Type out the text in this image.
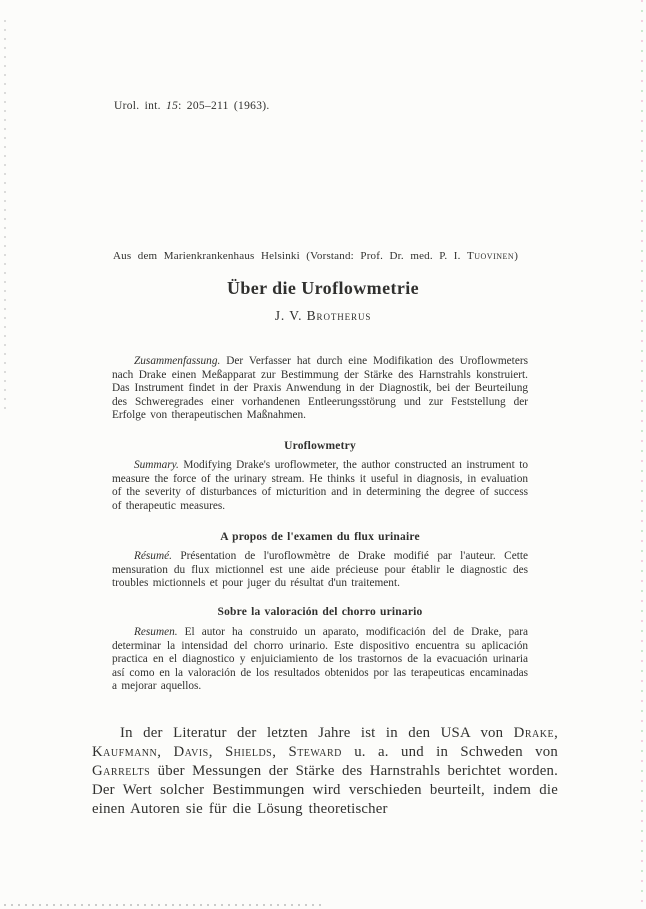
Urol. int. 15: 205–211 (1963).
Aus dem Marienkrankenhaus Helsinki (Vorstand: Prof. Dr. med. P. I. Tuovinen)
Über die Uroflowmetrie
J. V. Brotherus

Zusammenfassung. Der Verfasser hat durch eine Modifikation des Uroflowmeters nach Drake einen Meßapparat zur Bestimmung der Stärke des Harnstrahls konstruiert. Das Instrument findet in der Praxis Anwendung in der Diagnostik, bei der Beurteilung des Schweregrades einer vorhandenen Entleerungsstörung und zur Feststellung der Erfolge von therapeutischen Maßnahmen.

Uroflowmetry

Summary. Modifying Drake's uroflowmeter, the author constructed an instrument to measure the force of the urinary stream. He thinks it useful in diagnosis, in evaluation of the severity of disturbances of micturition and in determining the degree of success of therapeutic measures.

A propos de l'examen du flux urinaire

Résumé. Présentation de l'uroflowmètre de Drake modifié par l'auteur. Cette mensuration du flux mictionnel est une aide précieuse pour établir le diagnostic des troubles mictionnels et pour juger du résultat d'un traitement.

Sobre la valoración del chorro urinario

Resumen. El autor ha construido un aparato, modificación del de Drake, para determinar la intensidad del chorro urinario. Este dispositivo encuentra su aplicación practica en el diagnostico y enjuiciamiento de los trastornos de la evacuación urinaria así como en la valoración de los resultados obtenidos por las terapeuticas encaminadas a mejorar aquellos.

In der Literatur der letzten Jahre ist in den USA von Drake, Kaufmann, Davis, Shields, Steward u. a. und in Schweden von Garrelts über Messungen der Stärke des Harnstrahls berichtet worden. Der Wert solcher Bestimmungen wird verschieden beurteilt, indem die einen Autoren sie für die Lösung theoretischer
